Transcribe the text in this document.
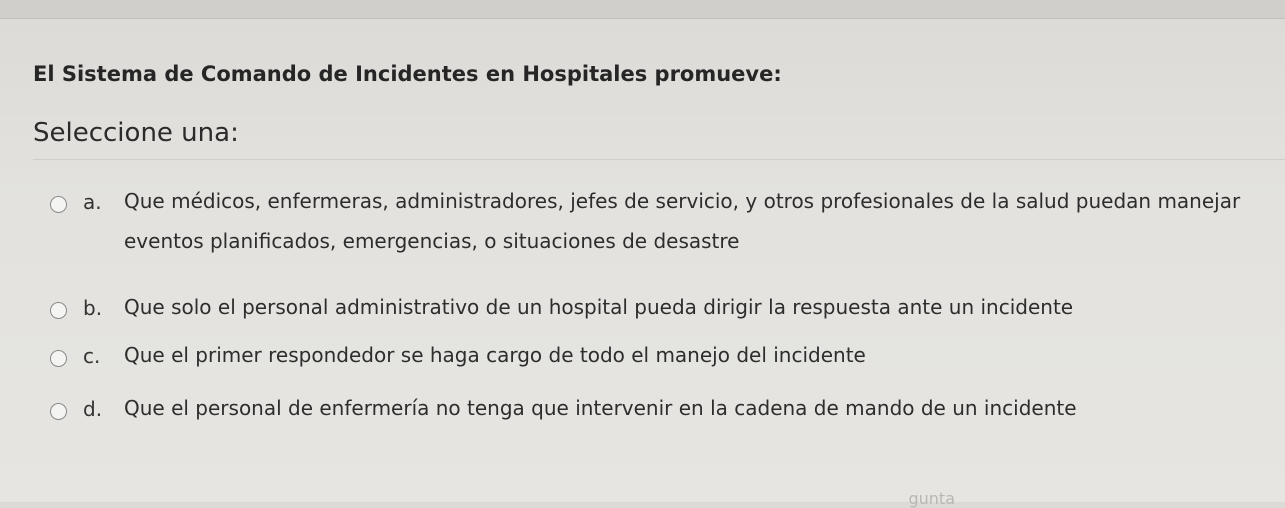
El Sistema de Comando de Incidentes en Hospitales promueve:
Seleccione una:
a. Que médicos, enfermeras, administradores, jefes de servicio, y otros profesionales de la salud puedan manejar eventos planificados, emergencias, o situaciones de desastre
b. Que solo el personal administrativo de un hospital pueda dirigir la respuesta ante un incidente
c. Que el primer respondedor se haga cargo de todo el manejo del incidente
d. Que el personal de enfermería no tenga que intervenir en la cadena de mando de un incidente
gunta
